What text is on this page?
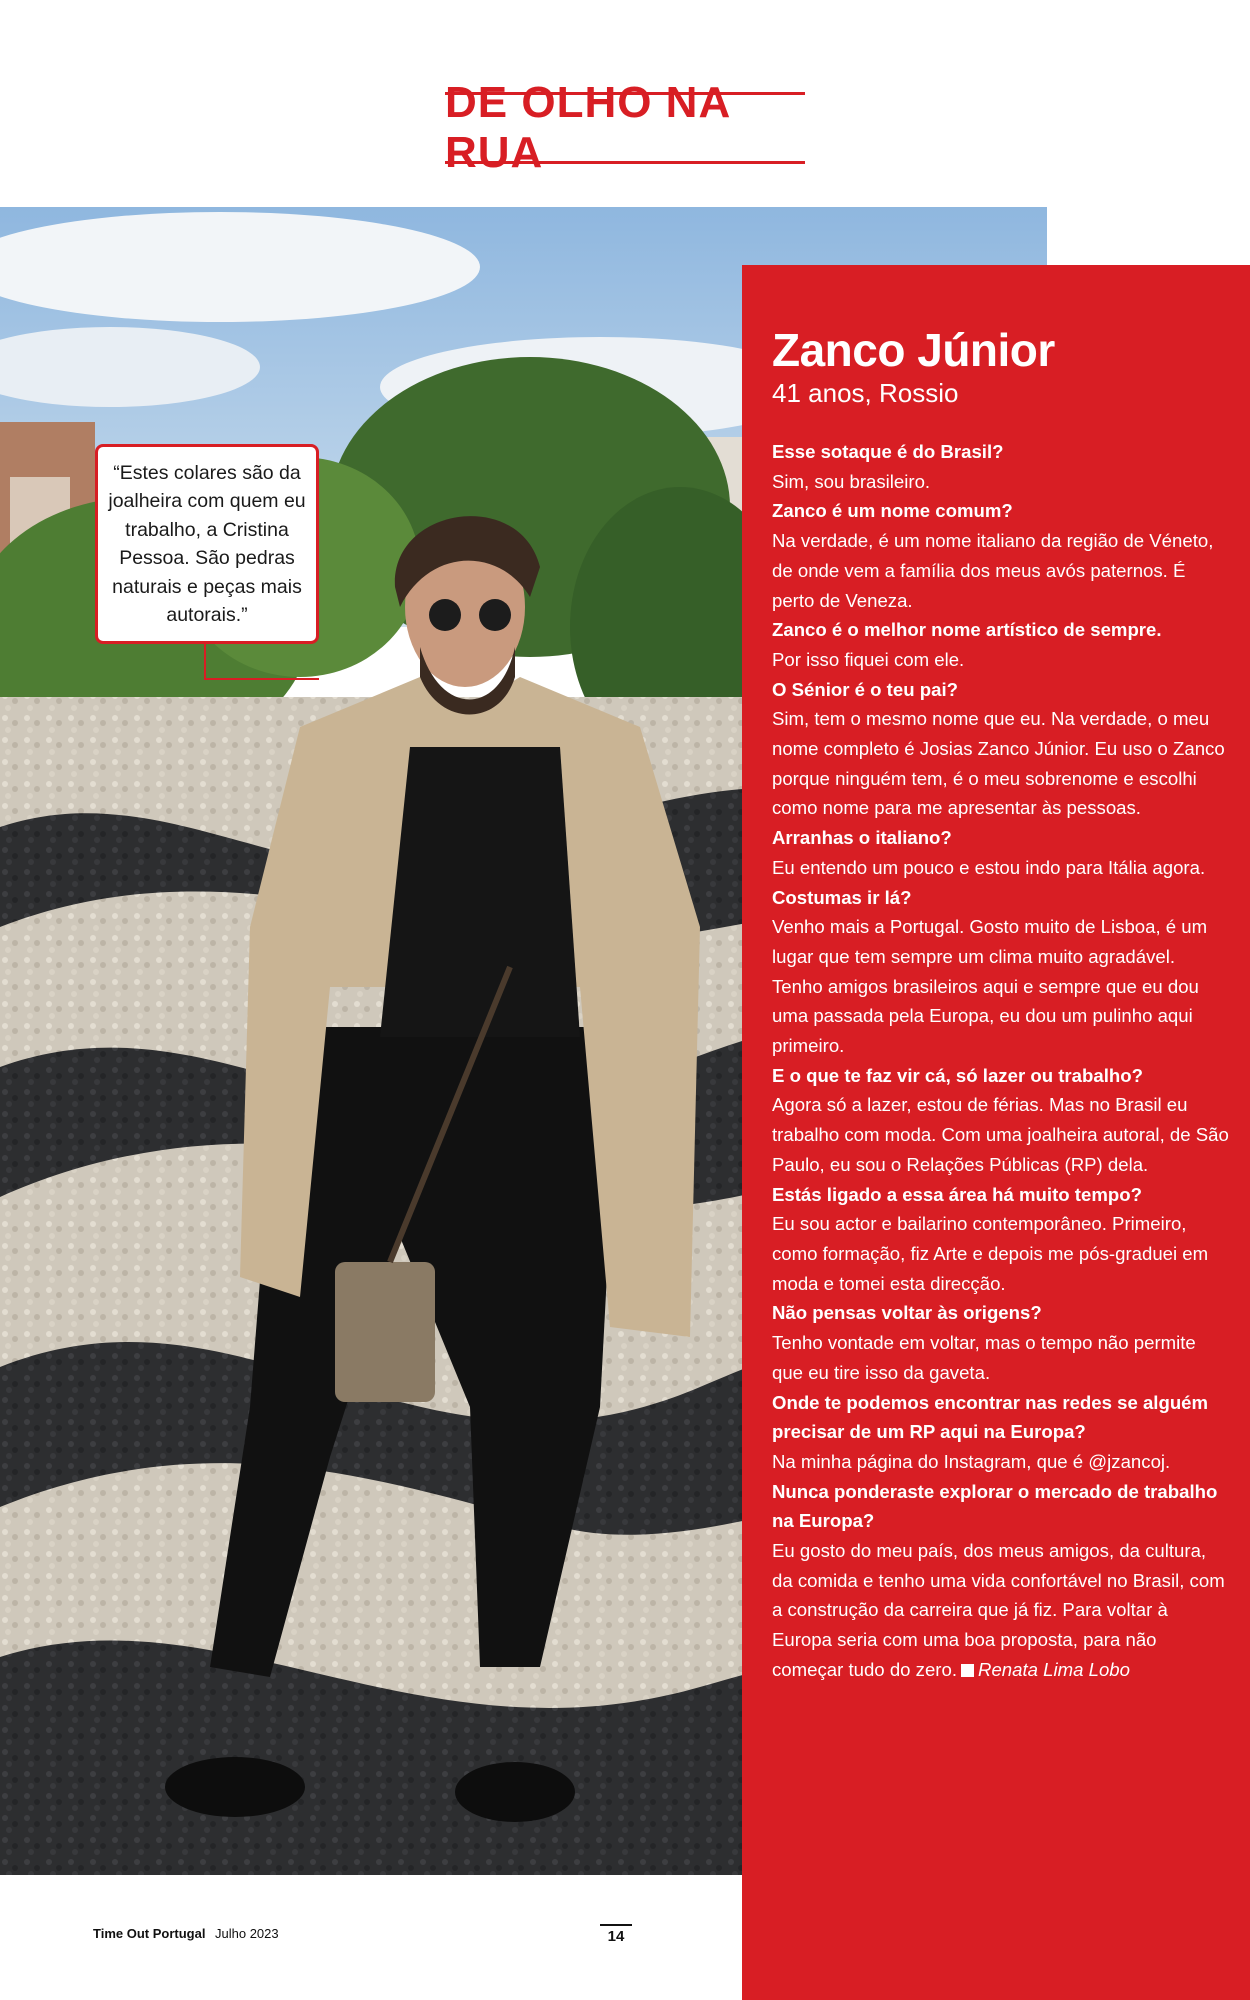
DE OLHO NA RUA

“Estes colares são da joalheira com quem eu trabalho, a Cristina Pessoa. São pedras naturais e peças mais autorais.”

Zanco Júnior

41 anos, Rossio

Esse sotaque é do Brasil?

Sim, sou brasileiro.

Zanco é um nome comum?

Na verdade, é um nome italiano da região de Véneto, de onde vem a família dos meus avós paternos. É perto de Veneza.

Zanco é o melhor nome artístico de sempre.

Por isso fiquei com ele.

O Sénior é o teu pai?

Sim, tem o mesmo nome que eu. Na verdade, o meu nome completo é Josias Zanco Júnior. Eu uso o Zanco porque ninguém tem, é o meu sobrenome e escolhi como nome para me apresentar às pessoas.

Arranhas o italiano?

Eu entendo um pouco e estou indo para Itália agora.

Costumas ir lá?

Venho mais a Portugal. Gosto muito de Lisboa, é um lugar que tem sempre um clima muito agradável. Tenho amigos brasileiros aqui e sempre que eu dou uma passada pela Europa, eu dou um pulinho aqui primeiro.

E o que te faz vir cá, só lazer ou trabalho?

Agora só a lazer, estou de férias. Mas no Brasil eu trabalho com moda. Com uma joalheira autoral, de São Paulo, eu sou o Relações Públicas (RP) dela.

Estás ligado a essa área há muito tempo?

Eu sou actor e bailarino contemporâneo. Primeiro, como formação, fiz Arte e depois me pós-graduei em moda e tomei esta direcção.

Não pensas voltar às origens?

Tenho vontade em voltar, mas o tempo não permite que eu tire isso da gaveta.

Onde te podemos encontrar nas redes se alguém precisar de um RP aqui na Europa?

Na minha página do Instagram, que é @jzancoj.

Nunca ponderaste explorar o mercado de trabalho na Europa?

Eu gosto do meu país, dos meus amigos, da cultura, da comida e tenho uma vida confortável no Brasil, com a construção da carreira que já fiz. Para voltar à Europa seria com uma boa proposta, para não começar tudo do zero. Renata Lima Lobo

Time Out Portugal Julho 2023	14
